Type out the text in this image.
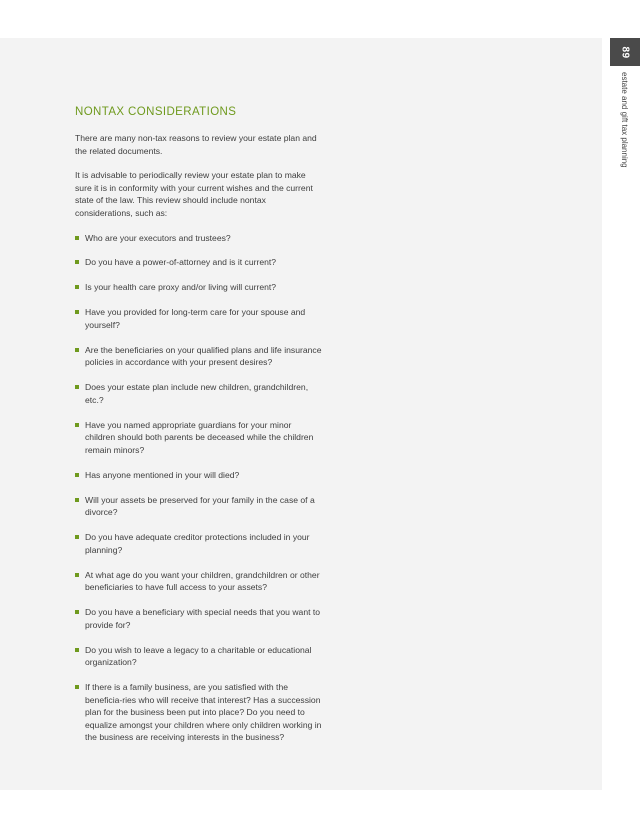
89
estate and gift tax planning
NONTAX CONSIDERATIONS

There are many non-tax reasons to review your estate plan and the related documents.

It is advisable to periodically review your estate plan to make sure it is in conformity with your current wishes and the current state of the law. This review should include nontax considerations, such as:

Who are your executors and trustees?
Do you have a power-of-attorney and is it current?
Is your health care proxy and/or living will current?
Have you provided for long-term care for your spouse and yourself?
Are the beneficiaries on your qualified plans and life insurance policies in accordance with your present desires?
Does your estate plan include new children, grandchildren, etc.?
Have you named appropriate guardians for your minor children should both parents be deceased while the children remain minors?
Has anyone mentioned in your will died?
Will your assets be preserved for your family in the case of a divorce?
Do you have adequate creditor protections included in your planning?
At what age do you want your children, grandchildren or other beneficiaries to have full access to your assets?
Do you have a beneficiary with special needs that you want to provide for?
Do you wish to leave a legacy to a charitable or educational organization?
If there is a family business, are you satisfied with the beneficia-ries who will receive that interest? Has a succession plan for the business been put into place? Do you need to equalize amongst your children where only children working in the business are receiving interests in the business?
